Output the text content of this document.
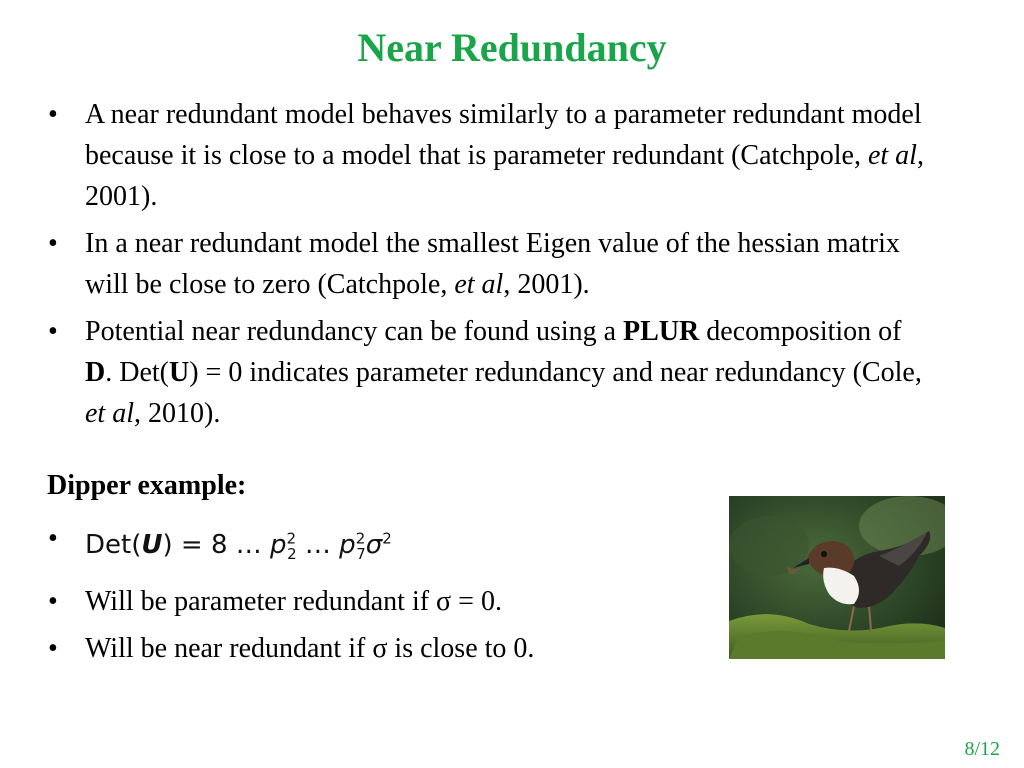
Near Redundancy
• A near redundant model behaves similarly to a parameter redundant model because it is close to a model that is parameter redundant (Catchpole, et al, 2001).
• In a near redundant model the smallest Eigen value of the hessian matrix will be close to zero (Catchpole, et al, 2001).
• Potential near redundancy can be found using a PLUR decomposition of D. Det(U) = 0 indicates parameter redundancy and near redundancy (Cole, et al, 2010).
Dipper example:
• Det(U) = 8 … $p^2_2$ … $p^2_7\sigma^2$
• Will be parameter redundant if σ = 0.
• Will be near redundant if σ is close to 0.
8/12
